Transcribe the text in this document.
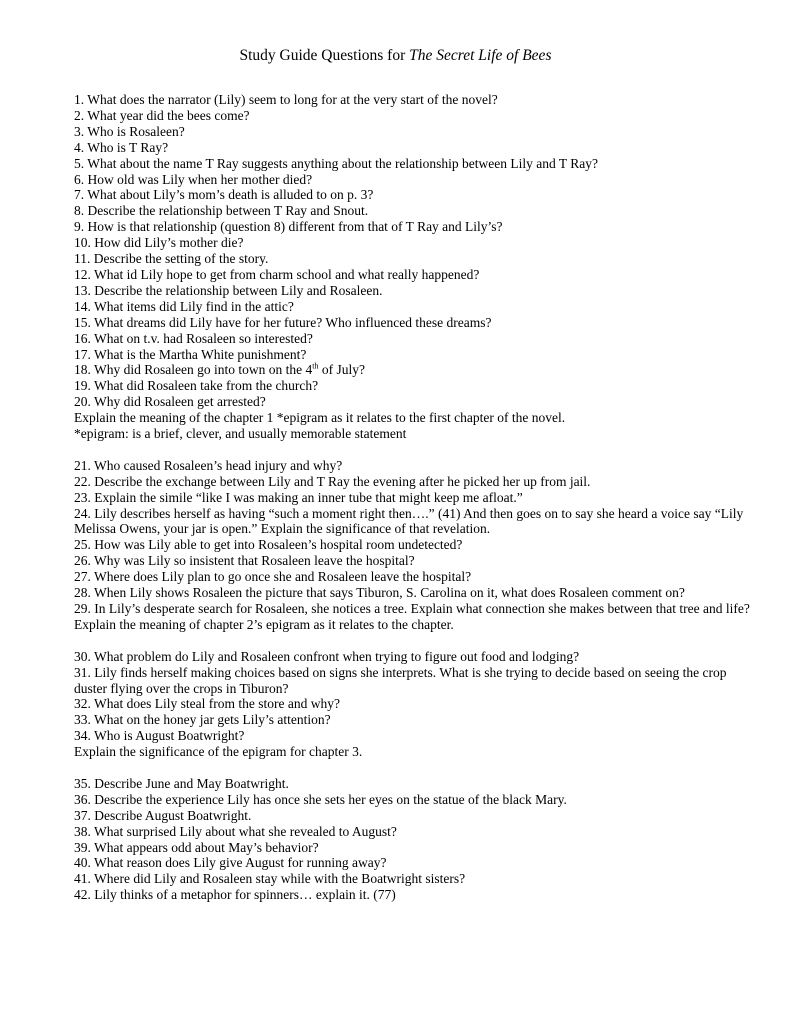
Study Guide Questions for The Secret Life of Bees
1. What does the narrator (Lily) seem to long for at the very start of the novel?
2. What year did the bees come?
3. Who is Rosaleen?
4. Who is T Ray?
5. What about the name T Ray suggests anything about the relationship between Lily and T Ray?
6. How old was Lily when her mother died?
7. What about Lily’s mom’s death is alluded to on p. 3?
8. Describe the relationship between T Ray and Snout.
9. How is that relationship (question 8) different from that of T Ray and Lily’s?
10. How did Lily’s mother die?
11. Describe the setting of the story.
12. What id Lily hope to get from charm school and what really happened?
13. Describe the relationship between Lily and Rosaleen.
14. What items did Lily find in the attic?
15. What dreams did Lily have for her future? Who influenced these dreams?
16. What on t.v. had Rosaleen so interested?
17. What is the Martha White punishment?
18. Why did Rosaleen go into town on the 4th of July?
19. What did Rosaleen take from the church?
20. Why did Rosaleen get arrested?
Explain the meaning of the chapter 1 *epigram as it relates to the first chapter of the novel.
*epigram: is a brief, clever, and usually memorable statement
21. Who caused Rosaleen’s head injury and why?
22. Describe the exchange between Lily and T Ray the evening after he picked her up from jail.
23. Explain the simile “like I was making an inner tube that might keep me afloat.”
24. Lily describes herself as having “such a moment right then….” (41) And then goes on to say she heard a voice say “Lily Melissa Owens, your jar is open.” Explain the significance of that revelation.
25. How was Lily able to get into Rosaleen’s hospital room undetected?
26. Why was Lily so insistent that Rosaleen leave the hospital?
27. Where does Lily plan to go once she and Rosaleen leave the hospital?
28. When Lily shows Rosaleen the picture that says Tiburon, S. Carolina on it, what does Rosaleen comment on?
29. In Lily’s desperate search for Rosaleen, she notices a tree. Explain what connection she makes between that tree and life?
Explain the meaning of chapter 2’s epigram as it relates to the chapter.
30. What problem do Lily and Rosaleen confront when trying to figure out food and lodging?
31. Lily finds herself making choices based on signs she interprets. What is she trying to decide based on seeing the crop duster flying over the crops in Tiburon?
32. What does Lily steal from the store and why?
33. What on the honey jar gets Lily’s attention?
34. Who is August Boatwright?
Explain the significance of the epigram for chapter 3.
35. Describe June and May Boatwright.
36. Describe the experience Lily has once she sets her eyes on the statue of the black Mary.
37. Describe August Boatwright.
38. What surprised Lily about what she revealed to August?
39. What appears odd about May’s behavior?
40. What reason does Lily give August for running away?
41. Where did Lily and Rosaleen stay while with the Boatwright sisters?
42. Lily thinks of a metaphor for spinners… explain it. (77)
